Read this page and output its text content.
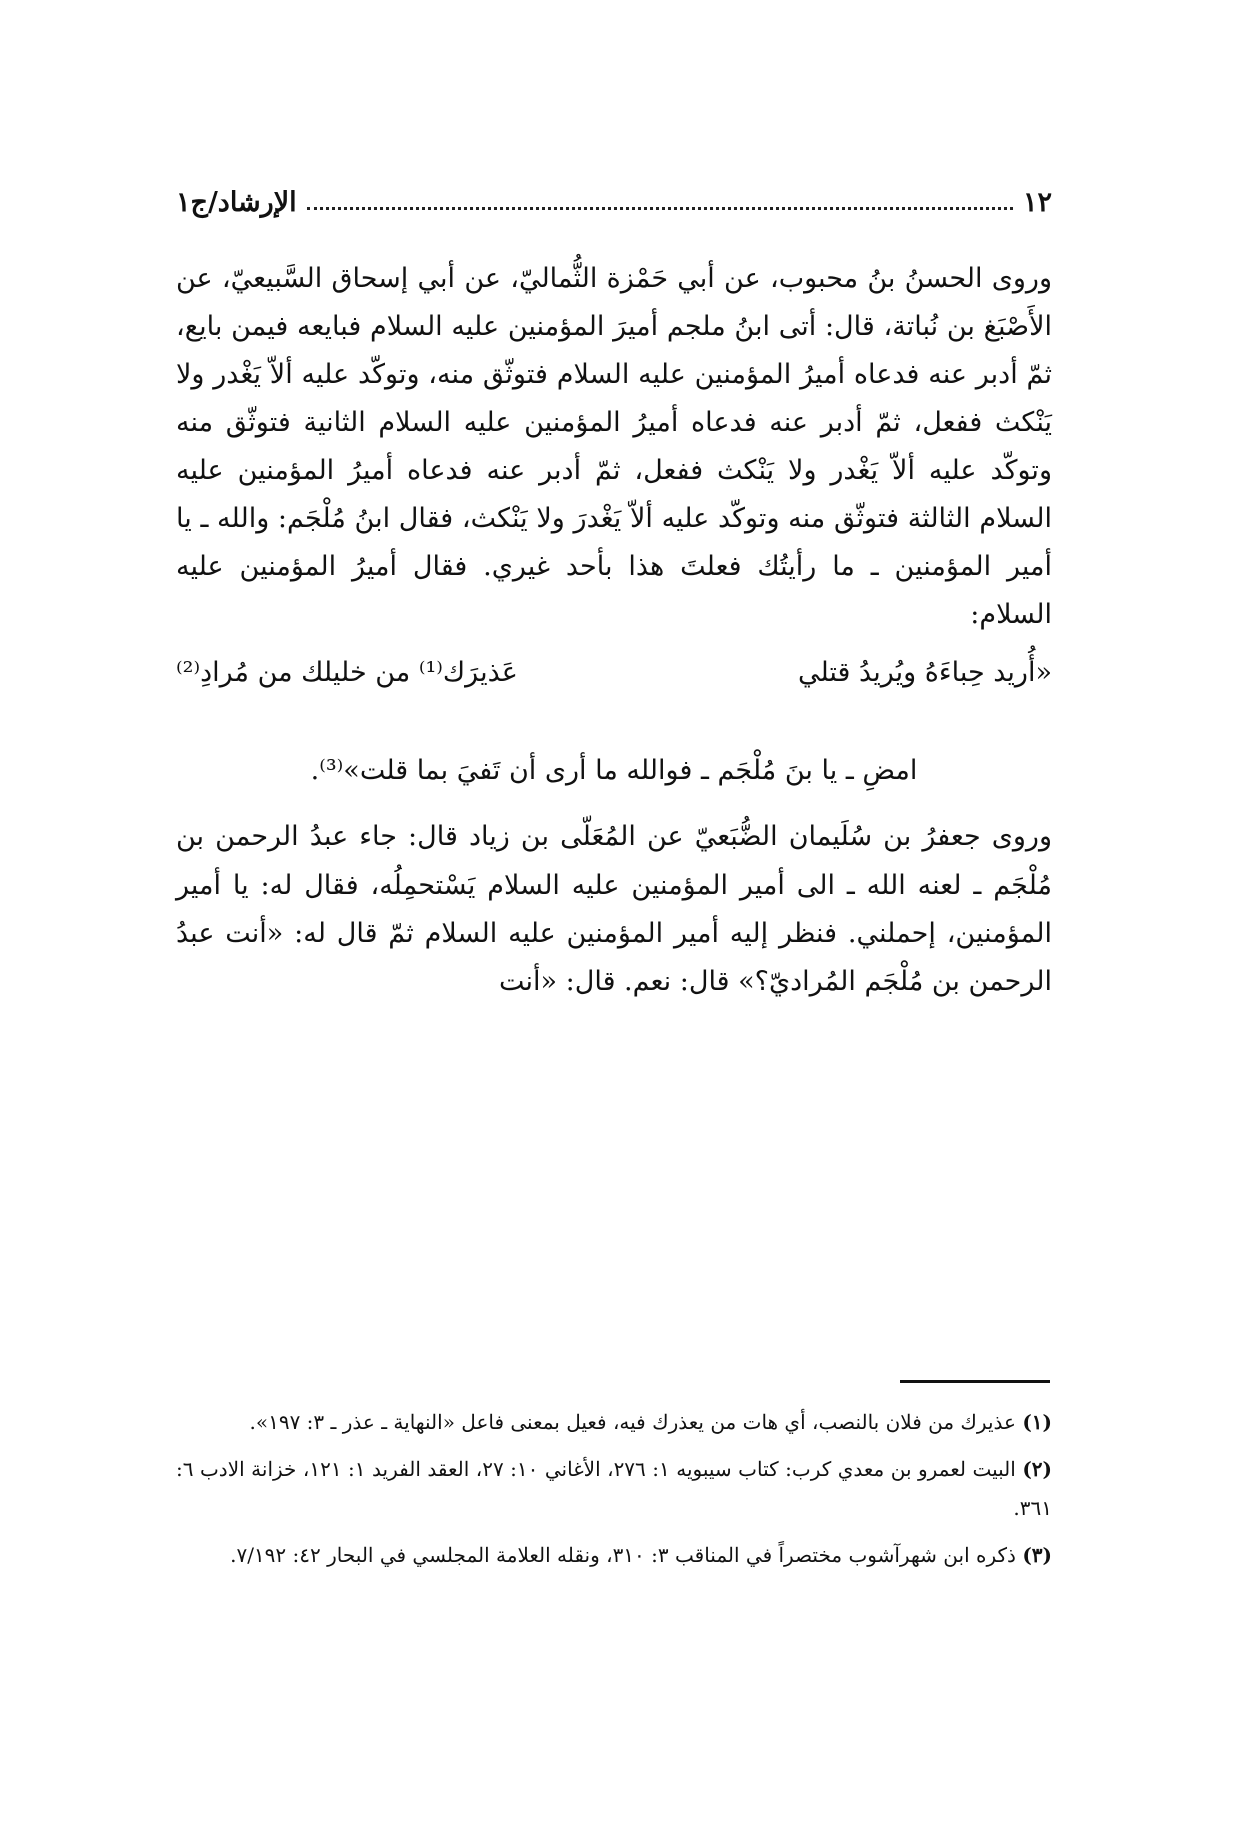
١٢
الإرشاد/ج١

وروى الحسنُ بنُ محبوب، عن أبي حَمْزة الثُّماليّ، عن أبي إسحاق السَّبيعيّ، عن الأَصْبَغ بن نُباتة، قال: أتى ابنُ ملجم أميرَ المؤمنين عليه السلام فبايعه فيمن بايع، ثمّ أدبر عنه فدعاه أميرُ المؤمنين عليه السلام فتوثّق منه، وتوكّد عليه ألاّ يَغْدر ولا يَنْكث ففعل، ثمّ أدبر عنه فدعاه أميرُ المؤمنين عليه السلام الثانية فتوثّق منه وتوكّد عليه ألاّ يَغْدر ولا يَنْكث ففعل، ثمّ أدبر عنه فدعاه أميرُ المؤمنين عليه السلام الثالثة فتوثّق منه وتوكّد عليه ألاّ يَغْدرَ ولا يَنْكث، فقال ابنُ مُلْجَم: والله ـ يا أمير المؤمنين ـ ما رأيتُك فعلتَ هذا بأحد غيري. فقال أميرُ المؤمنين عليه السلام:

«أُريد حِباءَهُ ويُريدُ قتلي
عَذيرَك⁽¹⁾ من خليلك من مُرادِ⁽²⁾

امضِ ـ يا بنَ مُلْجَم ـ فوالله ما أرى أن تَفيَ بما قلت»⁽³⁾.

وروى جعفرُ بن سُلَيمان الضُّبَعيّ عن المُعَلّى بن زياد قال: جاء عبدُ الرحمن بن مُلْجَم ـ لعنه الله ـ الى أمير المؤمنين عليه السلام يَسْتحمِلُه، فقال له: يا أمير المؤمنين، إحملني. فنظر إليه أمير المؤمنين عليه السلام ثمّ قال له: «أنت عبدُ الرحمن بن مُلْجَم المُراديّ؟» قال: نعم. قال: «أنت

(١) عذيرك من فلان بالنصب، أي هات من يعذرك فيه، فعيل بمعنى فاعل «النهاية ـ عذر ـ ٣: ١٩٧».

(٢) البيت لعمرو بن معدي كرب: كتاب سيبويه ١: ٢٧٦، الأغاني ١٠: ٢٧، العقد الفريد ١: ١٢١، خزانة الادب ٦: ٣٦١.

(٣) ذكره ابن شهرآشوب مختصراً في المناقب ٣: ٣١٠، ونقله العلامة المجلسي في البحار ٤٢: ٧/١٩٢.
